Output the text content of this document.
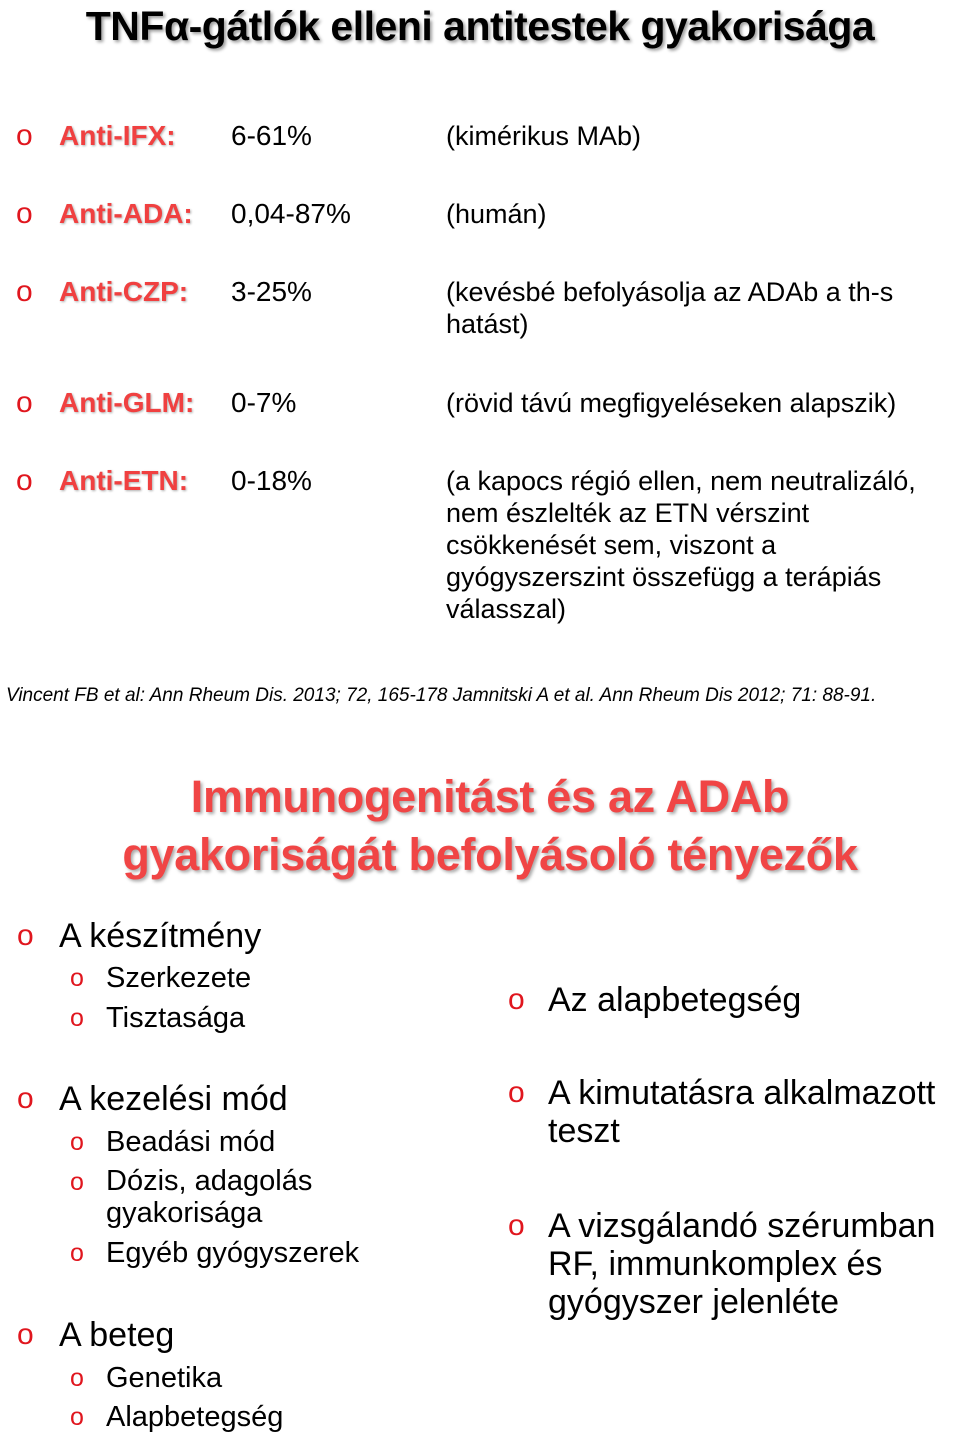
TNFα-gátlók elleni antitestek gyakorisága
o Anti-IFX: 6-61%	(kimérikus MAb)
o Anti-ADA: 0,04-87%	(humán)
o Anti-CZP: 3-25%	(kevésbé befolyásolja az ADAb a th-s hatást)
o Anti-GLM: 0-7%	(rövid távú megfigyeléseken alapszik)
o Anti-ETN: 0-18%	(a kapocs régió ellen, nem neutralizáló, nem észlelték az ETN vérszint csökkenését sem, viszont a gyógyszerszint összefügg a terápiás válasszal)
Vincent FB et al: Ann Rheum Dis. 2013; 72, 165-178 Jamnitski A et al. Ann Rheum Dis 2012; 71: 88-91.
Immunogenitást és az ADAb
gyakoriságát befolyásoló tényezők
o A készítmény
o Szerkezete
o Tisztasága
o A kezelési mód
o Beadási mód
o Dózis, adagolás gyakorisága
o Egyéb gyógyszerek
o A beteg
o Genetika
o Alapbetegség
o Az alapbetegség
o A kimutatásra alkalmazott teszt
o A vizsgálandó szérumban RF, immunkomplex és gyógyszer jelenléte
